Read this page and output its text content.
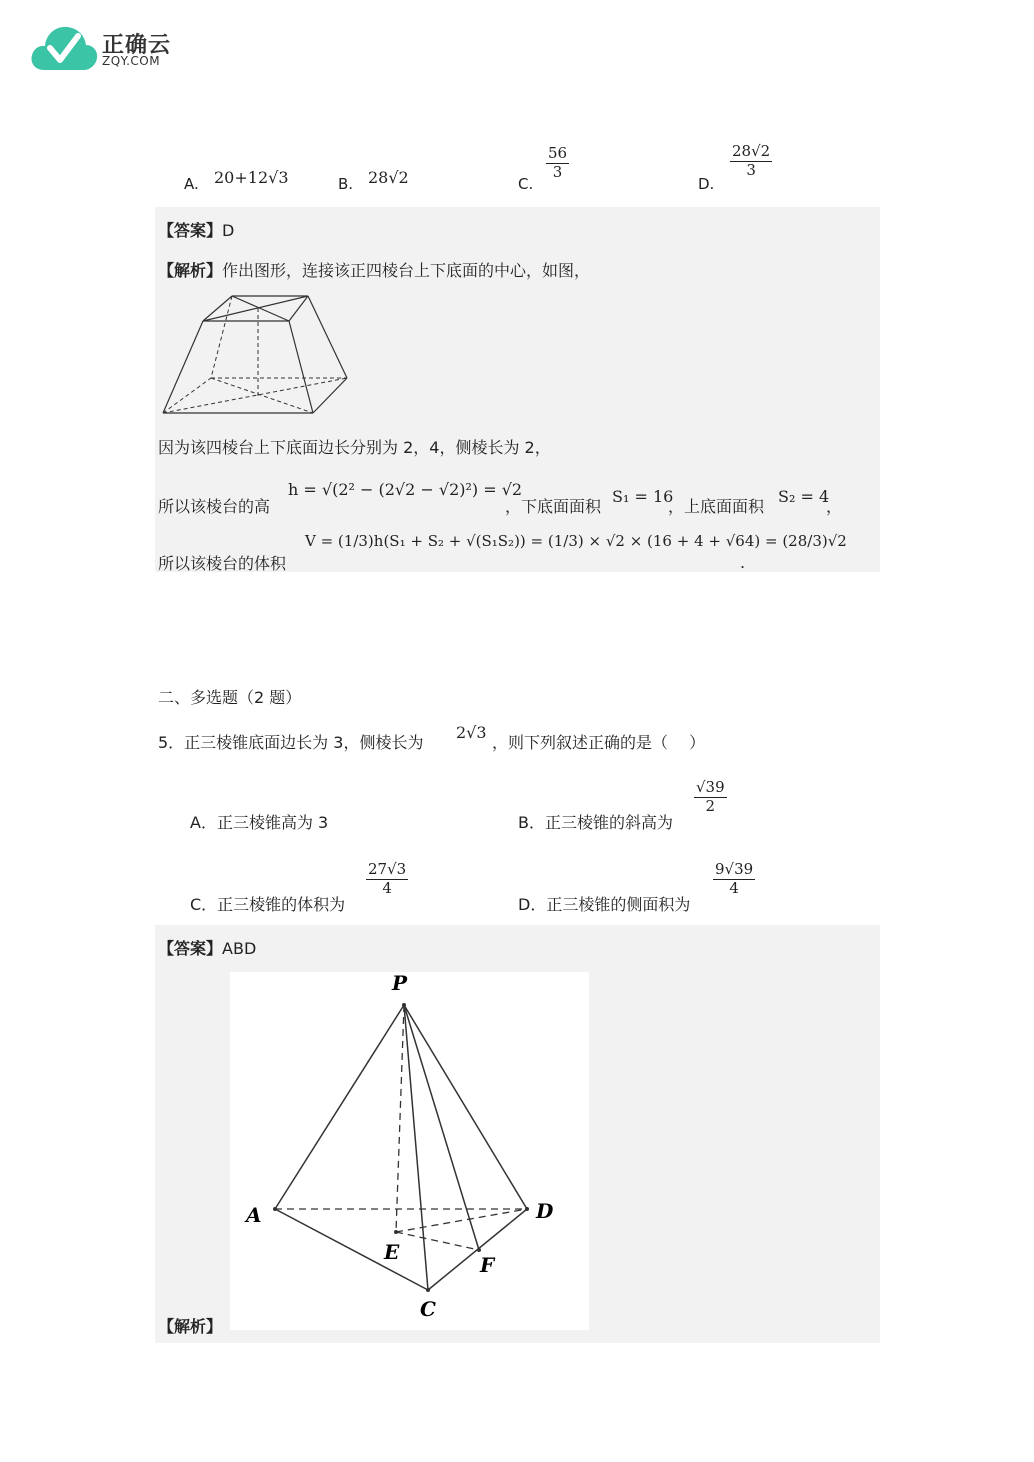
正确云
ZQY.COM
A. 20+12√3	B. 28√2	C.
$\frac{56}{3}$
D.
$\frac{28√2}{3}$
【答案】D
【解析】作出图形，连接该正四棱台上下底面的中心，如图，
因为该四棱台上下底面边长分别为 2，4，侧棱长为 2，
所以该棱台的高
h = √(2² − (2√2 − √2)²) = √2
，下底面面积
S₁ = 16
，上底面面积
S₂ = 4
，
所以该棱台的体积
V = (1/3)h(S₁ + S₂ + √(S₁S₂)) = (1/3) × √2 × (16 + 4 + √64) = (28/3)√2
.
二、多选题（2 题）
5．正三棱锥底面边长为 3，侧棱长为
2√3
，则下列叙述正确的是（　 ）
A．正三棱锥高为 3	B．正三棱锥的斜高为
$\frac{√39}{2}$
C．正三棱锥的体积为
$\frac{27√3}{4}$
D．正三棱锥的侧面积为
$\frac{9√39}{4}$
【答案】ABD
P
A	D
E
F
C
【解析】
